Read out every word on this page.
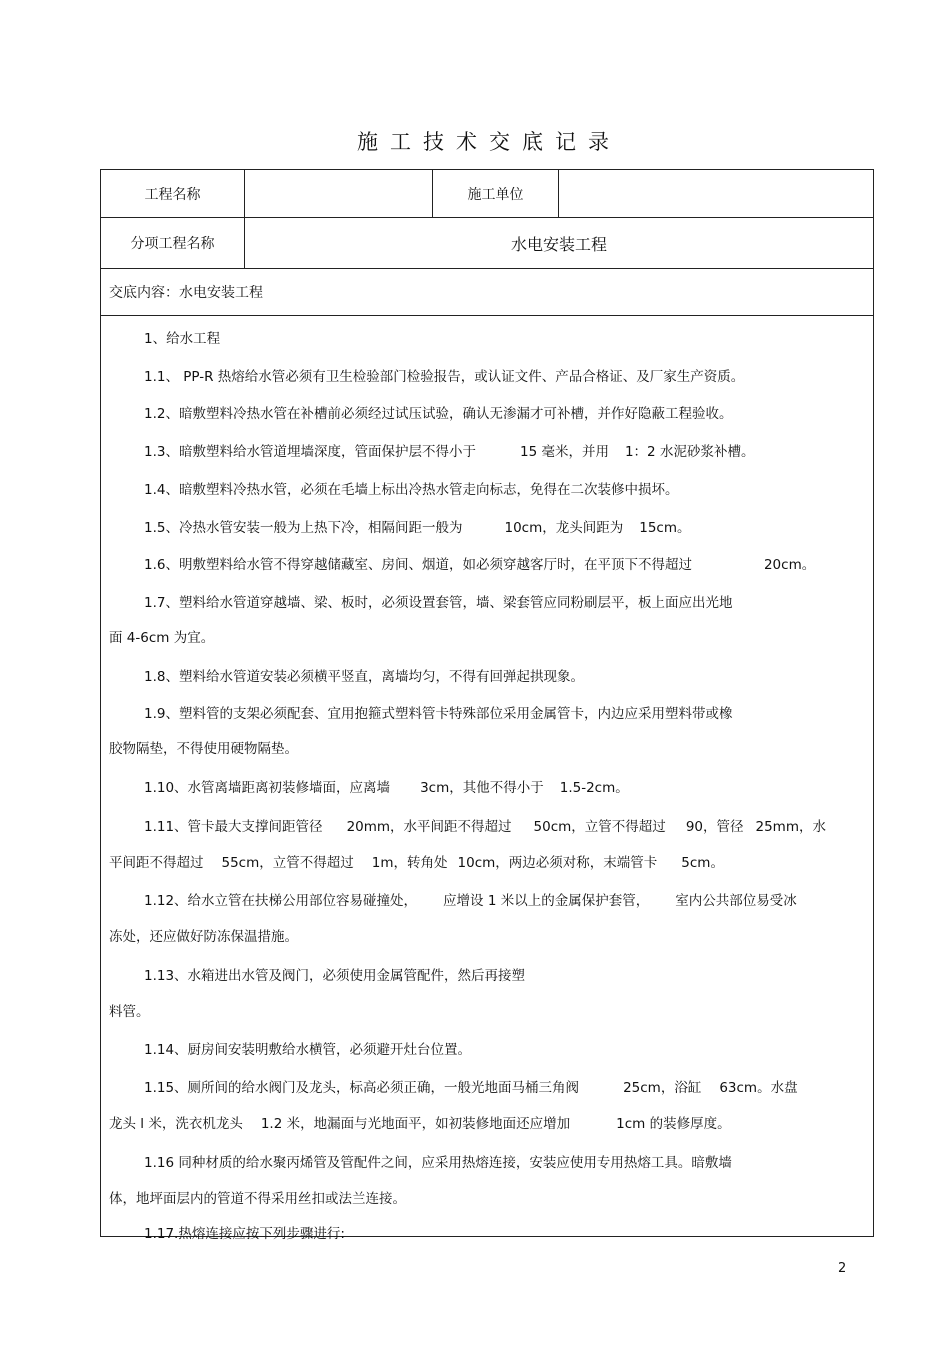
施工技术交底记录
工程名称	施工单位
分项工程名称	水电安装工程
交底内容：水电安装工程
1、给水工程
1.1、 PP-R 热熔给水管必须有卫生检验部门检验报告，或认证文件、产品合格证、及厂家生产资质。
1.2、暗敷塑料冷热水管在补槽前必须经过试压试验，确认无渗漏才可补槽，并作好隐蔽工程验收。
1.3、暗敷塑料给水管道埋墙深度，管面保护层不得小于	15 毫米，并用 1：2 水泥砂浆补槽。
1.4、暗敷塑料冷热水管，必须在毛墙上标出冷热水管走向标志，免得在二次装修中损坏。
1.5、冷热水管安装一般为上热下冷，相隔间距一般为	10cm，龙头间距为 15cm。
1.6、明敷塑料给水管不得穿越储藏室、房间、烟道，如必须穿越客厅时，在平顶下不得超过	20cm。
1.7、塑料给水管道穿越墙、梁、板时，必须设置套管，墙、梁套管应同粉刷层平，板上面应出光地
面 4-6cm 为宜。
1.8、塑料给水管道安装必须横平竖直，离墙均匀，不得有回弹起拱现象。
1.9、塑料管的支架必须配套、宜用抱箍式塑料管卡特殊部位采用金属管卡，内边应采用塑料带或橡
胶物隔垫，不得使用硬物隔垫。
1.10、水管离墙距离初装修墙面，应离墙 3cm，其他不得小于 1.5-2cm。
1.11、管卡最大支撑间距管径 20mm，水平间距不得超过 50cm，立管不得超过 90，管径 25mm，水
平间距不得超过 55cm，立管不得超过 1m，转角处 10cm，两边必须对称，末端管卡 5cm。
1.12、给水立管在扶梯公用部位容易碰撞处， 应增设 1 米以上的金属保护套管， 室内公共部位易受冰
冻处，还应做好防冻保温措施。
1.13、水箱进出水管及阀门，必须使用金属管配件，然后再接塑
料管。
1.14、厨房间安装明敷给水横管，必须避开灶台位置。
1.15、厕所间的给水阀门及龙头，标高必须正确，一般光地面马桶三角阀	25cm，浴缸 63cm。水盘
龙头 l 米，洗衣机龙头 1.2 米，地漏面与光地面平，如初装修地面还应增加	1cm 的装修厚度。
1.16 同种材质的给水聚丙烯管及管配件之间，应采用热熔连接，安装应使用专用热熔工具。暗敷墙
体，地坪面层内的管道不得采用丝扣或法兰连接。
1.17.热熔连接应按下列步骤进行:
2
